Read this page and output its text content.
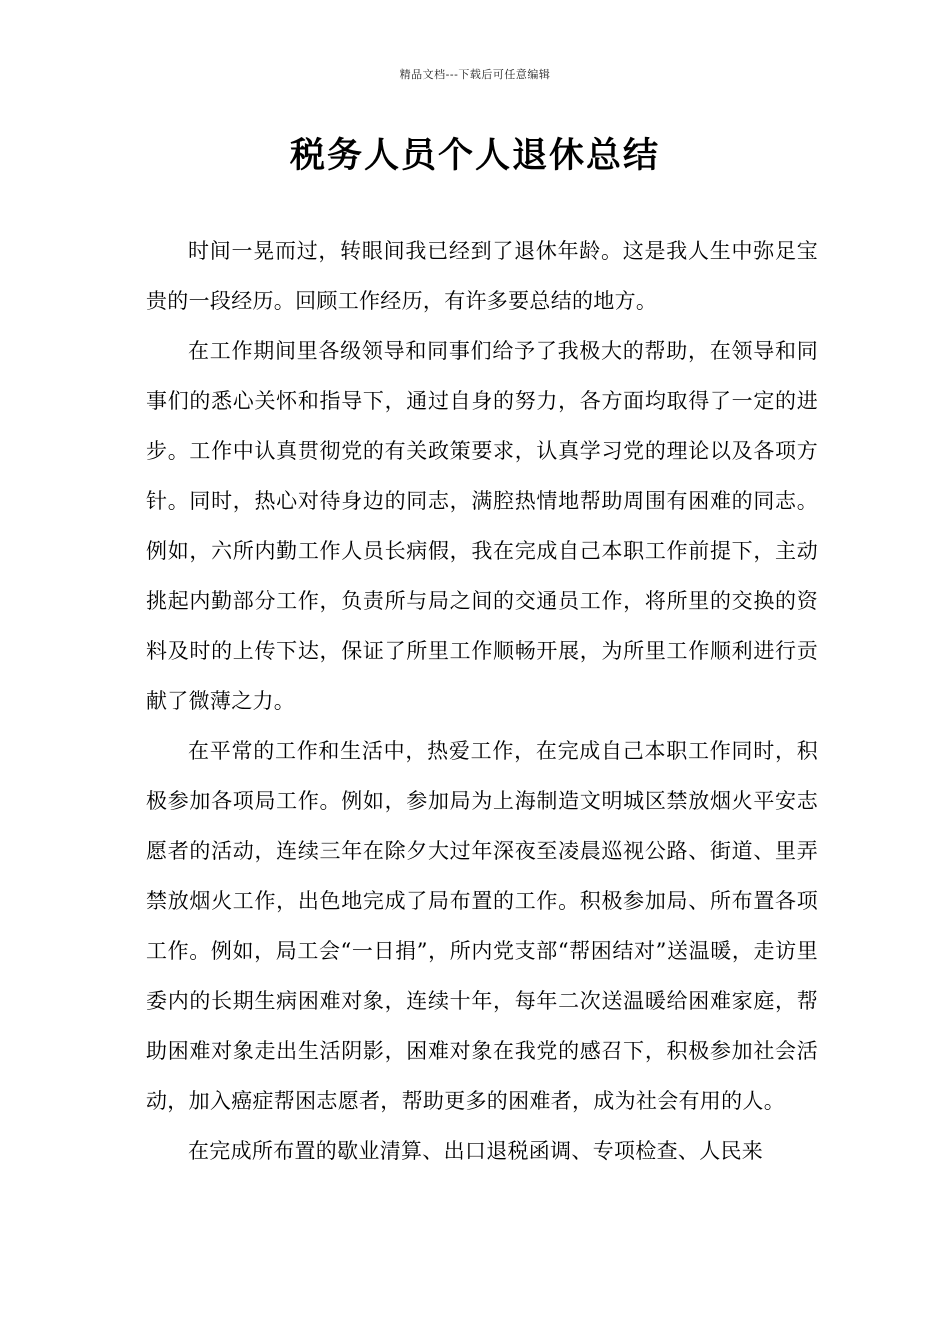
精品文档---下载后可任意编辑
税务人员个人退休总结

时间一晃而过，转眼间我已经到了退休年龄。这是我人生中弥足宝贵的一段经历。回顾工作经历，有许多要总结的地方。

在工作期间里各级领导和同事们给予了我极大的帮助，在领导和同事们的悉心关怀和指导下，通过自身的努力，各方面均取得了一定的进步。工作中认真贯彻党的有关政策要求，认真学习党的理论以及各项方针。同时，热心对待身边的同志，满腔热情地帮助周围有困难的同志。例如，六所内勤工作人员长病假，我在完成自己本职工作前提下，主动挑起内勤部分工作，负责所与局之间的交通员工作，将所里的交换的资料及时的上传下达，保证了所里工作顺畅开展，为所里工作顺利进行贡献了微薄之力。

在平常的工作和生活中，热爱工作，在完成自己本职工作同时，积极参加各项局工作。例如，参加局为上海制造文明城区禁放烟火平安志愿者的活动，连续三年在除夕大过年深夜至凌晨巡视公路、街道、里弄禁放烟火工作，出色地完成了局布置的工作。积极参加局、所布置各项工作。例如，局工会“一日捐”，所内党支部“帮困结对”送温暖，走访里委内的长期生病困难对象，连续十年，每年二次送温暖给困难家庭，帮助困难对象走出生活阴影，困难对象在我党的感召下，积极参加社会活动，加入癌症帮困志愿者，帮助更多的困难者，成为社会有用的人。

在完成所布置的歇业清算、出口退税函调、专项检查、人民来
